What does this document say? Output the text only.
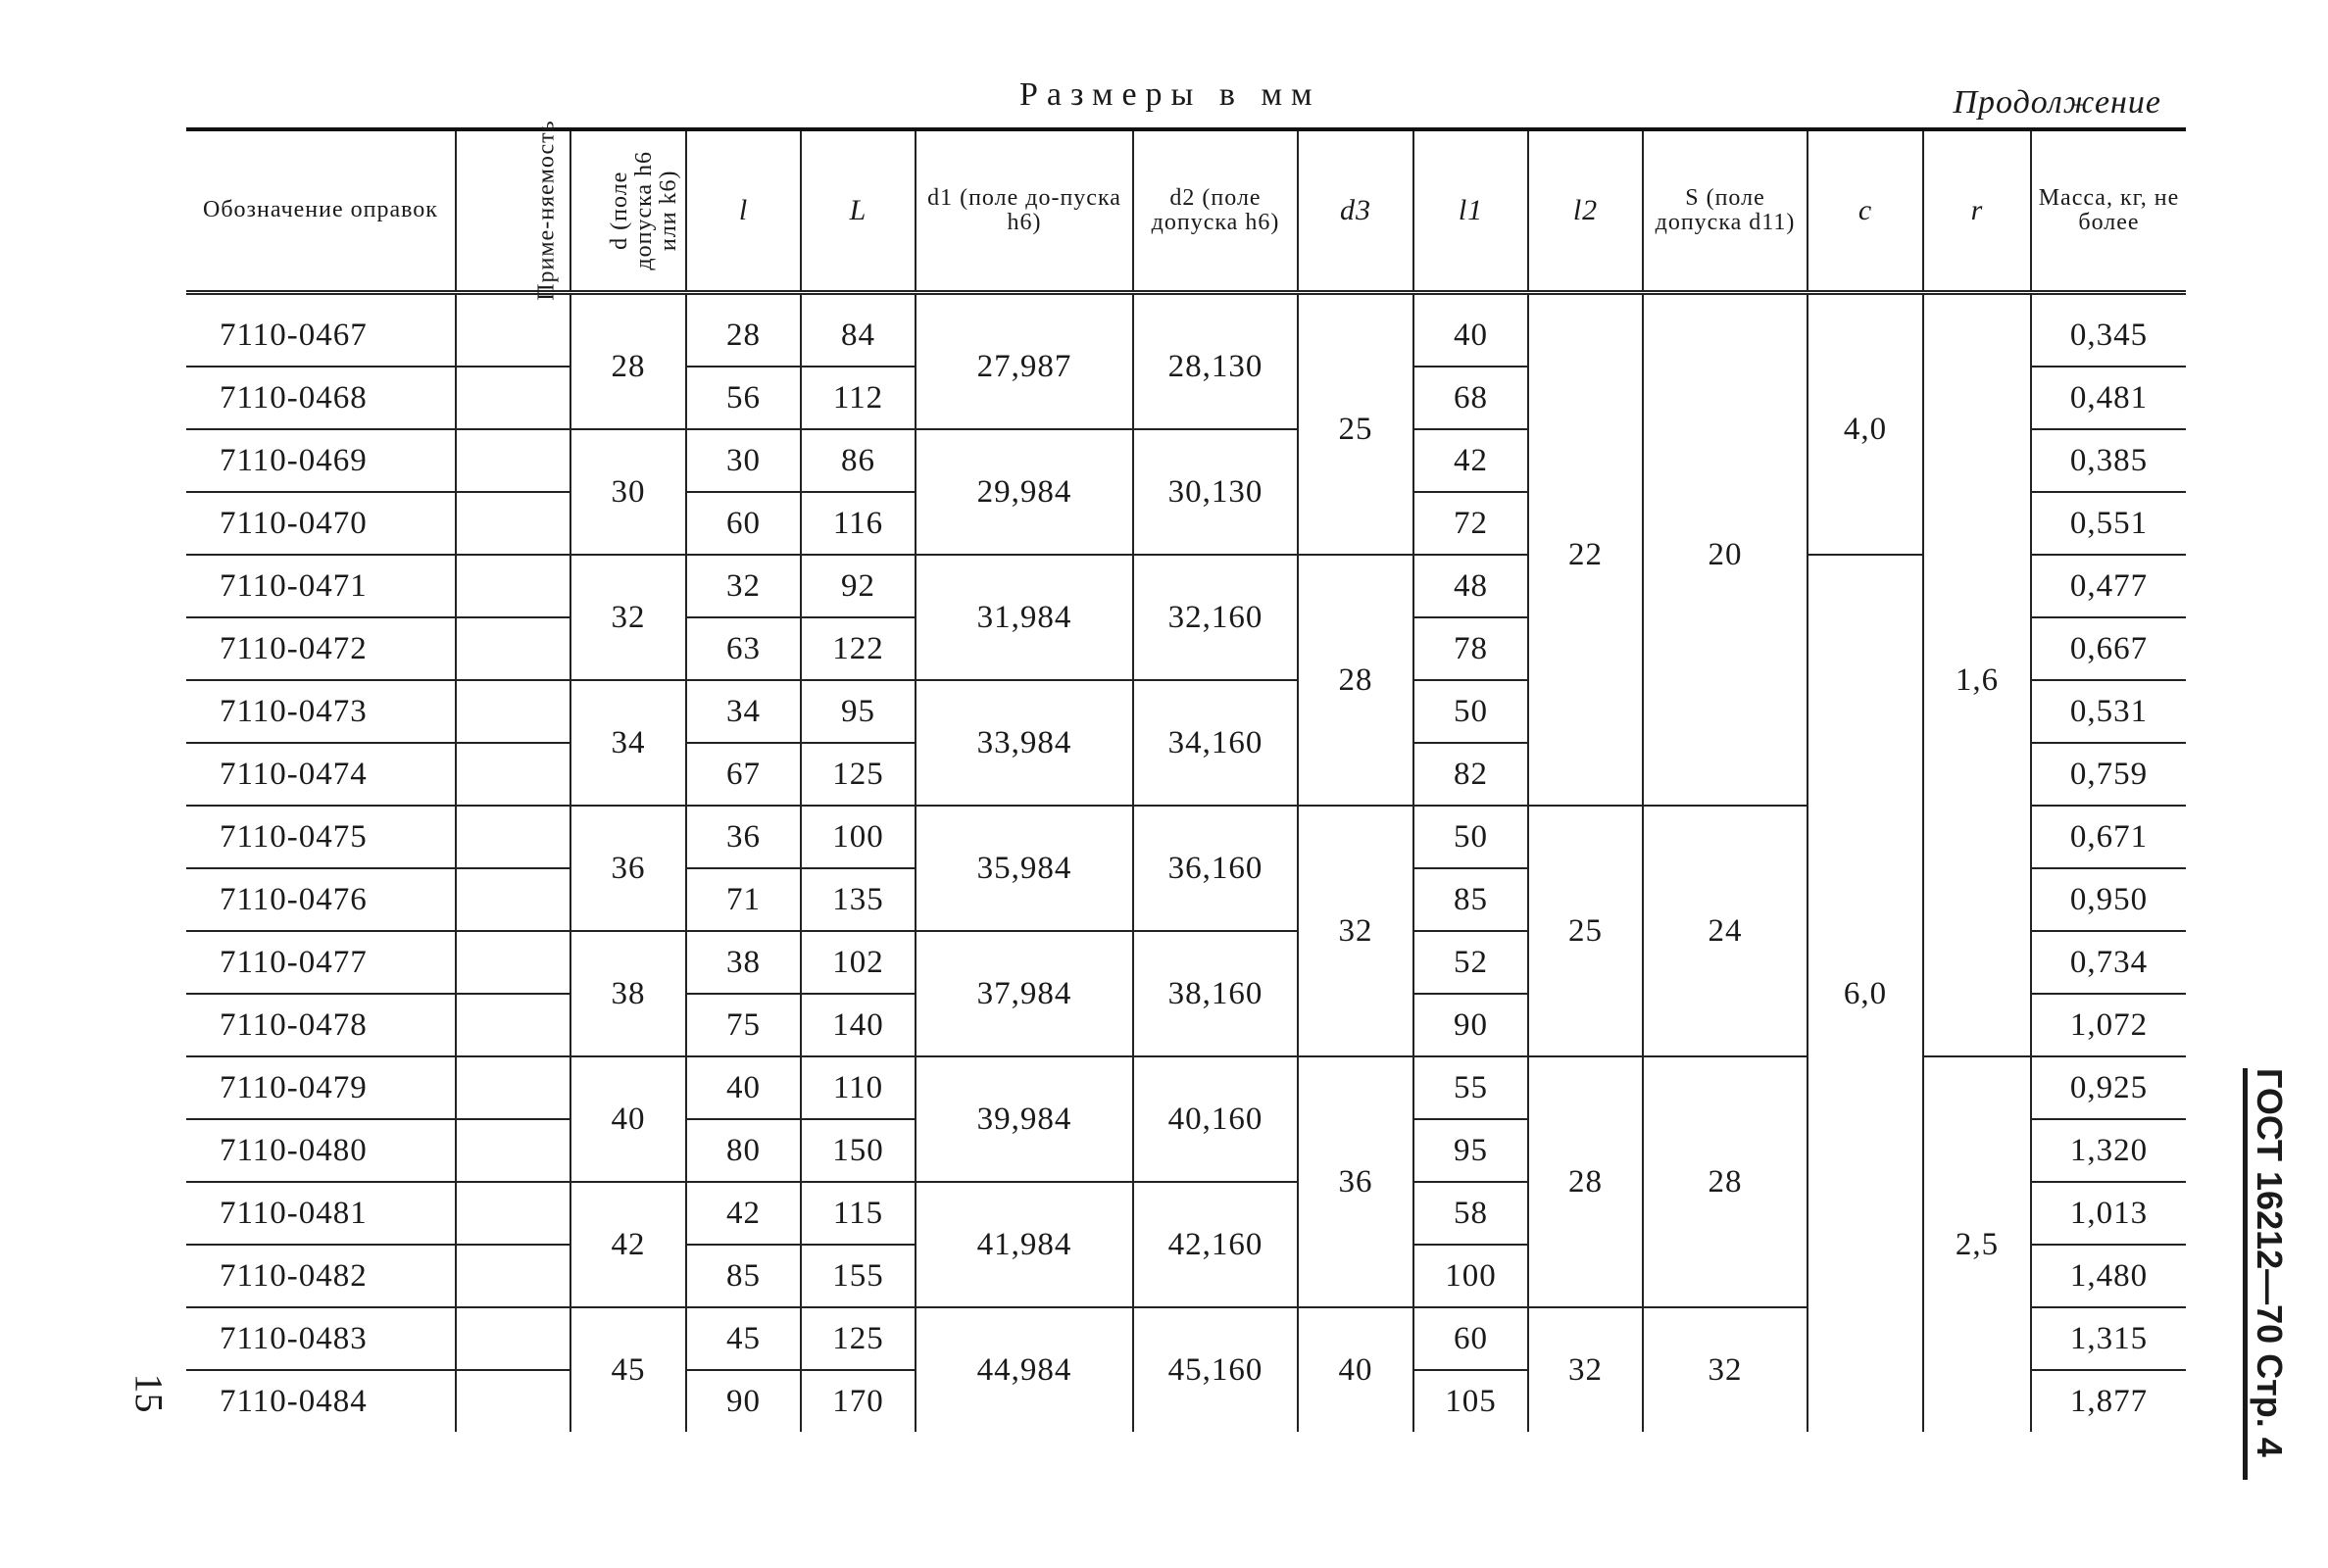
Размеры в мм	Продолжение
Обозначение оправок	Приме-няемость	d (поле допуска h6 или k6)	l	L	d1 (поле до-пуска h6)	d2 (поле допуска h6)	d3	l1	l2	S (поле допуска d11)	c	r	Масса, кг, не более
7110-0467		28	28	84	27,987	28,130	25	40	22	20	4,0	1,6	0,345
7110-0468			56	112				68					0,481
7110-0469		30	30	86	29,984	30,130		42					0,385
7110-0470			60	116				72					0,551
7110-0471		32	32	92	31,984	32,160	28	48			6,0		0,477
7110-0472			63	122				78					0,667
7110-0473		34	34	95	33,984	34,160		50					0,531
7110-0474			67	125				82					0,759
7110-0475		36	36	100	35,984	36,160	32	50	25	24			0,671
7110-0476			71	135				85					0,950
7110-0477		38	38	102	37,984	38,160		52					0,734
7110-0478			75	140				90					1,072
7110-0479		40	40	110	39,984	40,160	36	55	28	28		2,5	0,925
7110-0480			80	150				95					1,320
7110-0481		42	42	115	41,984	42,160		58					1,013
7110-0482			85	155				100					1,480
7110-0483		45	45	125	44,984	45,160	40	60	32	32			1,315
7110-0484			90	170				105					1,877
15	ГОСТ 16212—70 Стр. 4
